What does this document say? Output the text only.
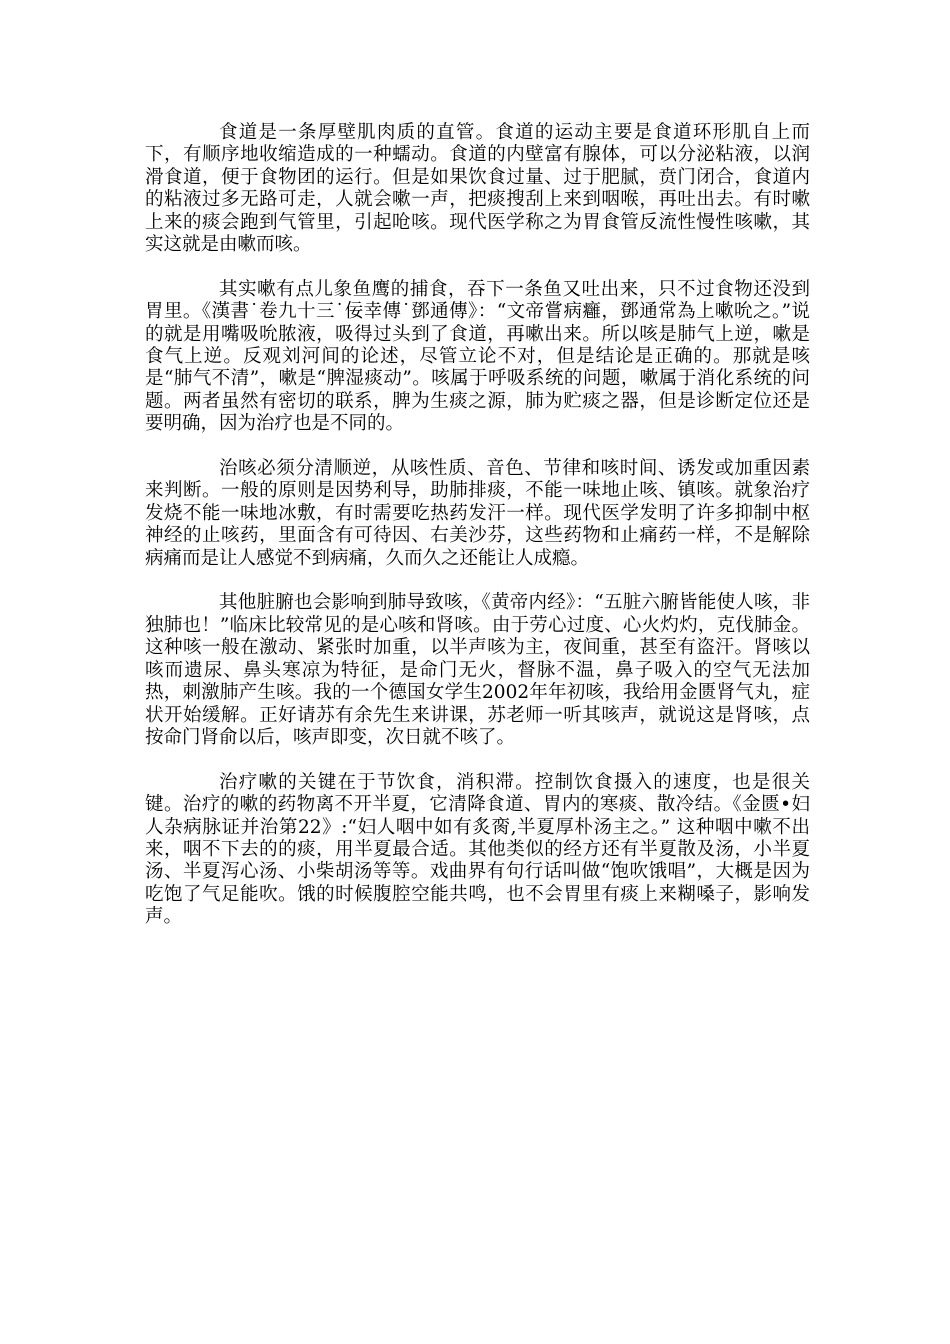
食道是一条厚壁肌肉质的直管。食道的运动主要是食道环形肌自上而下，有顺序地收缩造成的一种蠕动。食道的内壁富有腺体，可以分泌粘液，以润滑食道，便于食物团的运行。但是如果饮食过量、过于肥腻，贲门闭合，食道内的粘液过多无路可走，人就会嗽一声，把痰搜刮上来到咽喉，再吐出去。有时嗽上来的痰会跑到气管里，引起呛咳。现代医学称之为胃食管反流性慢性咳嗽，其实这就是由嗽而咳。

其实嗽有点儿象鱼鹰的捕食，吞下一条鱼又吐出来，只不过食物还没到胃里。《漢書˙卷九十三˙佞幸傳˙鄧通傳》：“文帝嘗病癰，鄧通常為上嗽吮之。”说的就是用嘴吸吮脓液，吸得过头到了食道，再嗽出来。所以咳是肺气上逆，嗽是食气上逆。反观刘河间的论述，尽管立论不对，但是结论是正确的。那就是咳是“肺气不清”，嗽是“脾湿痰动”。咳属于呼吸系统的问题，嗽属于消化系统的问题。两者虽然有密切的联系，脾为生痰之源，肺为贮痰之器，但是诊断定位还是要明确，因为治疗也是不同的。

治咳必须分清顺逆，从咳性质、音色、节律和咳时间、诱发或加重因素来判断。一般的原则是因势利导，助肺排痰，不能一味地止咳、镇咳。就象治疗发烧不能一味地冰敷，有时需要吃热药发汗一样。现代医学发明了许多抑制中枢神经的止咳药，里面含有可待因、右美沙芬，这些药物和止痛药一样，不是解除病痛而是让人感觉不到病痛，久而久之还能让人成瘾。

其他脏腑也会影响到肺导致咳，《黄帝内经》：“五脏六腑皆能使人咳，非独肺也！”临床比较常见的是心咳和肾咳。由于劳心过度、心火灼灼，克伐肺金。这种咳一般在激动、紧张时加重，以半声咳为主，夜间重，甚至有盗汗。肾咳以咳而遗尿、鼻头寒凉为特征，是命门无火，督脉不温，鼻子吸入的空气无法加热，刺激肺产生咳。我的一个德国女学生2002年年初咳，我给用金匮肾气丸，症状开始缓解。正好请苏有余先生来讲课，苏老师一听其咳声，就说这是肾咳，点按命门肾俞以后，咳声即变，次日就不咳了。

治疗嗽的关键在于节饮食，消积滞。控制饮食摄入的速度，也是很关键。治疗的嗽的药物离不开半夏，它清降食道、胃内的寒痰、散冷结。《金匮•妇人杂病脉证并治第22》:“妇人咽中如有炙脔,半夏厚朴汤主之。” 这种咽中嗽不出来，咽不下去的的痰，用半夏最合适。其他类似的经方还有半夏散及汤，小半夏汤、半夏泻心汤、小柴胡汤等等。戏曲界有句行话叫做“饱吹饿唱”，大概是因为吃饱了气足能吹。饿的时候腹腔空能共鸣，也不会胃里有痰上来糊嗓子，影响发声。
